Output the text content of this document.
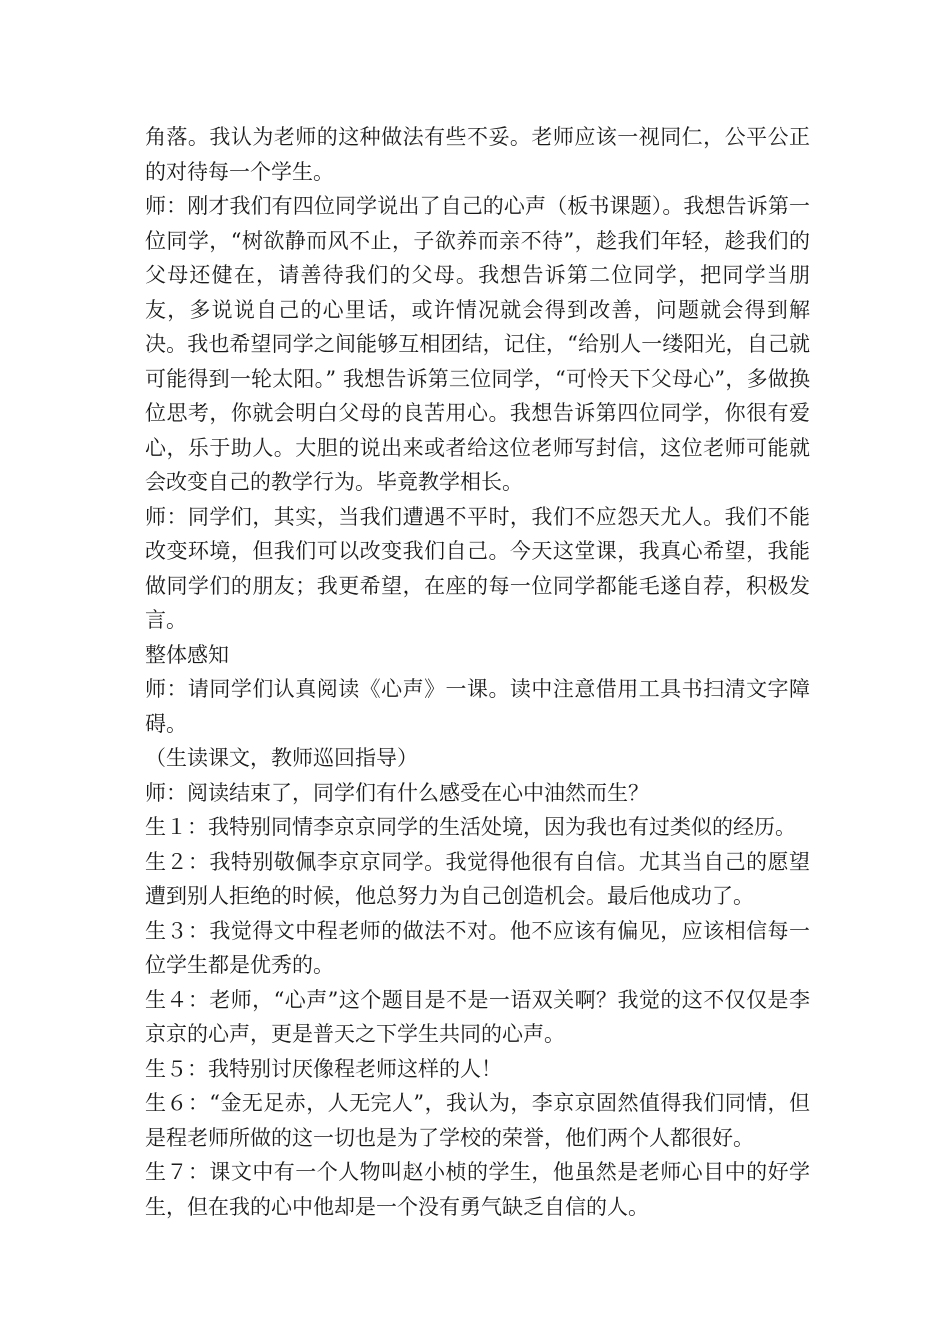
角落。我认为老师的这种做法有些不妥。老师应该一视同仁，公平公正的对待每一个学生。

师：刚才我们有四位同学说出了自己的心声（板书课题）。我想告诉第一位同学，“树欲静而风不止，子欲养而亲不待”，趁我们年轻，趁我们的父母还健在，请善待我们的父母。我想告诉第二位同学，把同学当朋友，多说说自己的心里话，或许情况就会得到改善，问题就会得到解决。我也希望同学之间能够互相团结，记住，“给别人一缕阳光，自己就可能得到一轮太阳。” 我想告诉第三位同学，“可怜天下父母心”，多做换位思考，你就会明白父母的良苦用心。我想告诉第四位同学，你很有爱心，乐于助人。大胆的说出来或者给这位老师写封信，这位老师可能就会改变自己的教学行为。毕竟教学相长。

师：同学们，其实，当我们遭遇不平时，我们不应怨天尤人。我们不能改变环境，但我们可以改变我们自己。今天这堂课，我真心希望，我能做同学们的朋友；我更希望，在座的每一位同学都能毛遂自荐，积极发言。

整体感知

师：请同学们认真阅读《心声》一课。读中注意借用工具书扫清文字障碍。

（生读课文，教师巡回指导）

师：阅读结束了，同学们有什么感受在心中油然而生？

生１：我特别同情李京京同学的生活处境，因为我也有过类似的经历。

生２：我特别敬佩李京京同学。我觉得他很有自信。尤其当自己的愿望遭到别人拒绝的时候，他总努力为自己创造机会。最后他成功了。

生３：我觉得文中程老师的做法不对。他不应该有偏见，应该相信每一位学生都是优秀的。

生４：老师，“心声”这个题目是不是一语双关啊？我觉的这不仅仅是李京京的心声，更是普天之下学生共同的心声。

生５：我特别讨厌像程老师这样的人！

生６：“金无足赤，人无完人”，我认为，李京京固然值得我们同情，但是程老师所做的这一切也是为了学校的荣誉，他们两个人都很好。

生７：课文中有一个人物叫赵小桢的学生，他虽然是老师心目中的好学生，但在我的心中他却是一个没有勇气缺乏自信的人。
